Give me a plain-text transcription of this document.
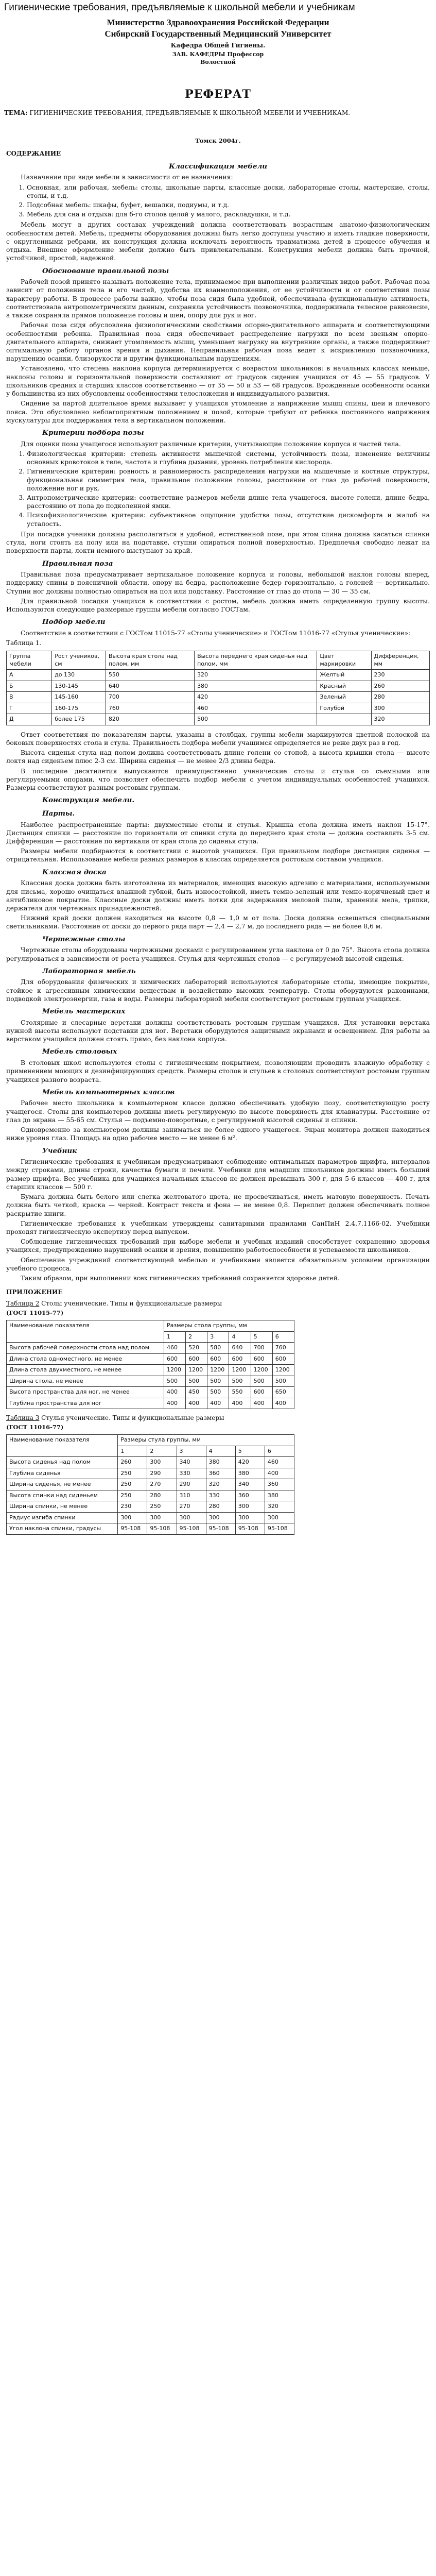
Гигиенические требования, предъявляемые к школьной мебели и учебникам
Министерство Здравоохранения Российской Федерации
Сибирский Государственный Медицинский Университет
Кафедра Общей Гигиены.
ЗАВ. КАФЕДРЫ Профессор
Волостной
РЕФЕРАТ
ТЕМА: ГИГИЕНИЧЕСКИЕ ТРЕБОВАНИЯ, ПРЕДЪЯВЛЯЕМЫЕ К ШКОЛЬНОЙ МЕБЕЛИ И УЧЕБНИКАМ.
Томск 2004г.
СОДЕРЖАНИЕ
Классификация мебели

Назначение при виде мебели в зависимости от ее назначения:

1. Основная, или рабочая, мебель: столы, школьные парты, классные доски, лабораторные столы, мастерские, столы, столы, и т.д.
2. Подсобная мебель: шкафы, буфет, вешалки, подиумы, и т.д.
3. Мебель для сна и отдыха: для б-го столов целой у малого, раскладушки, и т.д.

Мебель могут в других составах учреждений должна соответствовать возрастным анатомо-физиологическим особенностям детей. Мебель, предметы оборудования должны быть легко доступны участию и иметь гладкие поверхности, с округленными ребрами, их конструкция должна исключать вероятность травматизма детей в процессе обучения и отдыха. Внешнее оформление мебели должно быть привлекательным. Конструкция мебели должна быть прочной, устойчивой, простой, надежной.

Обоснование правильной позы

Рабочей позой принято называть положение тела, принимаемое при выполнении различных видов работ. Рабочая поза зависит от положения тела и его частей, удобства их взаимоположения, от ее устойчивости и от соответствия позы характеру работы. В процессе работы важно, чтобы поза сидя была удобной, обеспечивала функциональную активность, соответствовала антропометрическим данным, сохраняла устойчивость позвоночника, поддерживала телесное равновесие, а также сохраняла прямое положение головы и шеи, опору для рук и ног.

Рабочая поза сидя обусловлена физиологическими свойствами опорно-двигательного аппарата и соответствующими особенностями ребенка. Правильная поза сидя обеспечивает распределение нагрузки по всем звеньям опорно-двигательного аппарата, снижает утомляемость мышц, уменьшает нагрузку на внутренние органы, а также поддерживает оптимальную работу органов зрения и дыхания. Неправильная рабочая поза ведет к искривлению позвоночника, нарушению осанки, близорукости и другим функциональным нарушениям.

Установлено, что степень наклона корпуса детерминируется с возрастом школьников: в начальных классах меньше, наклоны головы и горизонтальной поверхности составляют от градусов сидения учащихся от 45 — 55 градусов. У школьников средних и старших классов соответственно — от 35 — 50 и 53 — 68 градусов. Врожденные особенности осанки у большинства из них обусловлены особенностями телосложения и индивидуального развития.

Сидение за партой длительное время вызывает у учащихся утомление и напряжение мышц спины, шеи и плечевого пояса. Это обусловлено неблагоприятным положением и позой, которые требуют от ребенка постоянного напряжения мускулатуры для поддержания тела в вертикальном положении.

Критерии подбора позы

Для оценки позы учащегося используют различные критерии, учитывающие положение корпуса и частей тела.

1. Физиологическая критерии: степень активности мышечной системы, устойчивость позы, изменение величины основных кровотоков в теле, частота и глубина дыхания, уровень потребления кислорода.
2. Гигиенические критерии: ровность и равномерность распределения нагрузки на мышечные и костные структуры, функциональная симметрия тела, правильное положение головы, расстояние от глаз до рабочей поверхности, положение ног и рук.
3. Антропометрические критерии: соответствие размеров мебели длине тела учащегося, высоте голени, длине бедра, расстоянию от пола до подколенной ямки.
4. Психофизиологические критерии: субъективное ощущение удобства позы, отсутствие дискомфорта и жалоб на усталость.

При посадке ученики должны располагаться в удобной, естественной позе, при этом спина должна касаться спинки стула, ноги стоять на полу или на подставке, ступни опираться полной поверхностью. Предплечья свободно лежат на поверхности парты, локти немного выступают за край.

Правильная поза

Правильная поза предусматривает вертикальное положение корпуса и головы, небольшой наклон головы вперед, поддержку спины в поясничной области, опору на бедра, расположение бедер горизонтально, а голеней — вертикально. Ступни ног должны полностью опираться на пол или подставку. Расстояние от глаз до стола — 30 — 35 см.

Для правильной посадки учащихся в соответствии с ростом, мебель должна иметь определенную группу высоты. Используются следующие размерные группы мебели согласно ГОСТам.

Подбор мебели

Соответствие в соответствии с ГОСТом 11015-77 «Столы ученические» и ГОСТом 11016-77 «Стулья ученические»:

Таблица 1.
Группа мебели	Рост учеников, см	Высота края стола над полом, мм	Высота переднего края сиденья над полом, мм	Цвет маркировки	Дифференция, мм
А	до 130	550	320	Желтый	230
Б	130-145	640	380	Красный	260
В	145-160	700	420	Зеленый	280
Г	160-175	760	460	Голубой	300
Д	более 175	820	500		320

Ответ соответствия по показателям парты, указаны в столбцах, группы мебели маркируются цветной полоской на боковых поверхностях стола и стула. Правильность подбора мебели учащимся определяется не реже двух раз в год.

Высота сиденья стула над полом должна соответствовать длине голени со стопой, а высота крышки стола — высоте локтя над сиденьем плюс 2-3 см. Ширина сиденья — не менее 2/3 длины бедра.

В последние десятилетия выпускаются преимущественно ученические столы и стулья со съемными или регулируемыми опорами, что позволяет обеспечить подбор мебели с учетом индивидуальных особенностей учащихся. Размеры соответствуют разным ростовым группам.

Конструкция мебели.
Парты.

Наиболее распространенные парты: двухместные столы и стулья. Крышка стола должна иметь наклон 15-17°. Дистанция спинки — расстояние по горизонтали от спинки стула до переднего края стола — должна составлять 3-5 см. Дифференция — расстояние по вертикали от края стола до сиденья стула.

Размеры мебели подбираются в соответствии с высотой учащихся. При правильном подборе дистанция сиденья — отрицательная. Использование мебели разных размеров в классах определяется ростовым составом учащихся.

Классная доска

Классная доска должна быть изготовлена из материалов, имеющих высокую адгезию с материалами, используемыми для письма, хорошо очищаться влажной губкой, быть износостойкой, иметь темно-зеленый или темно-коричневый цвет и антибликовое покрытие. Классные доски должны иметь лотки для задержания меловой пыли, хранения мела, тряпки, держателя для чертежных принадлежностей.

Нижний край доски должен находиться на высоте 0,8 — 1,0 м от пола. Доска должна освещаться специальными светильниками. Расстояние от доски до первого ряда парт — 2,4 — 2,7 м, до последнего ряда — не более 8,6 м.

Чертежные столы

Чертежные столы оборудованы чертежными досками с регулированием угла наклона от 0 до 75°. Высота стола должна регулироваться в зависимости от роста учащихся. Стулья для чертежных столов — с регулируемой высотой сиденья.

Лабораторная мебель

Для оборудования физических и химических лабораторий используются лабораторные столы, имеющие покрытие, стойкое к агрессивным химическим веществам и воздействию высоких температур. Столы оборудуются раковинами, подводкой электроэнергии, газа и воды. Размеры лабораторной мебели соответствуют ростовым группам учащихся.

Мебель мастерских

Столярные и слесарные верстаки должны соответствовать ростовым группам учащихся. Для установки верстака нужной высоты используют подставки для ног. Верстаки оборудуются защитными экранами и освещением. Для работы за верстаком учащийся должен стоять прямо, без наклона корпуса.

Мебель столовых

В столовых школ используются столы с гигиеническим покрытием, позволяющим проводить влажную обработку с применением моющих и дезинфицирующих средств. Размеры столов и стульев в столовых соответствуют ростовым группам учащихся разного возраста.

Мебель компьютерных классов

Рабочее место школьника в компьютерном классе должно обеспечивать удобную позу, соответствующую росту учащегося. Столы для компьютеров должны иметь регулируемую по высоте поверхность для клавиатуры. Расстояние от глаз до экрана — 55-65 см. Стулья — подъемно-поворотные, с регулируемой высотой сиденья и спинки.

Одновременно за компьютером должны заниматься не более одного учащегося. Экран монитора должен находиться ниже уровня глаз. Площадь на одно рабочее место — не менее 6 м².

Учебник

Гигиенические требования к учебникам предусматривают соблюдение оптимальных параметров шрифта, интервалов между строками, длины строки, качества бумаги и печати. Учебники для младших школьников должны иметь больший размер шрифта. Вес учебника для учащихся начальных классов не должен превышать 300 г, для 5-6 классов — 400 г, для старших классов — 500 г.

Бумага должна быть белого или слегка желтоватого цвета, не просвечиваться, иметь матовую поверхность. Печать должна быть четкой, краска — черной. Контраст текста и фона — не менее 0,8. Переплет должен обеспечивать полное раскрытие книги.

Гигиенические требования к учебникам утверждены санитарными правилами СанПиН 2.4.7.1166-02. Учебники проходят гигиеническую экспертизу перед выпуском.

Соблюдение гигиенических требований при выборе мебели и учебных изданий способствует сохранению здоровья учащихся, предупреждению нарушений осанки и зрения, повышению работоспособности и успеваемости школьников.

Обеспечение учреждений соответствующей мебелью и учебниками является обязательным условием организации учебного процесса.

Таким образом, при выполнении всех гигиенических требований сохраняется здоровье детей.

ПРИЛОЖЕНИЕ
Таблица 2 Столы ученические. Типы и функциональные размеры
(ГОСТ 11015-77)
Наименование показателя	Размеры стола группы, мм					
	1	2	3	4	5	6
Высота рабочей поверхности стола над полом	460	520	580	640	700	760
Длина стола одноместного, не менее	600	600	600	600	600	600
Длина стола двухместного, не менее	1200	1200	1200	1200	1200	1200
Ширина стола, не менее	500	500	500	500	500	500
Высота пространства для ног, не менее	400	450	500	550	600	650
Глубина пространства для ног	400	400	400	400	400	400
Таблица 3 Стулья ученические. Типы и функциональные размеры
(ГОСТ 11016-77)
Наименование показателя	Размеры стула группы, мм					
	1	2	3	4	5	6
Высота сиденья над полом	260	300	340	380	420	460
Глубина сиденья	250	290	330	360	380	400
Ширина сиденья, не менее	250	270	290	320	340	360
Высота спинки над сиденьем	250	280	310	330	360	380
Ширина спинки, не менее	230	250	270	280	300	320
Радиус изгиба спинки	300	300	300	300	300	300
Угол наклона спинки, градусы	95-108	95-108	95-108	95-108	95-108	95-108
